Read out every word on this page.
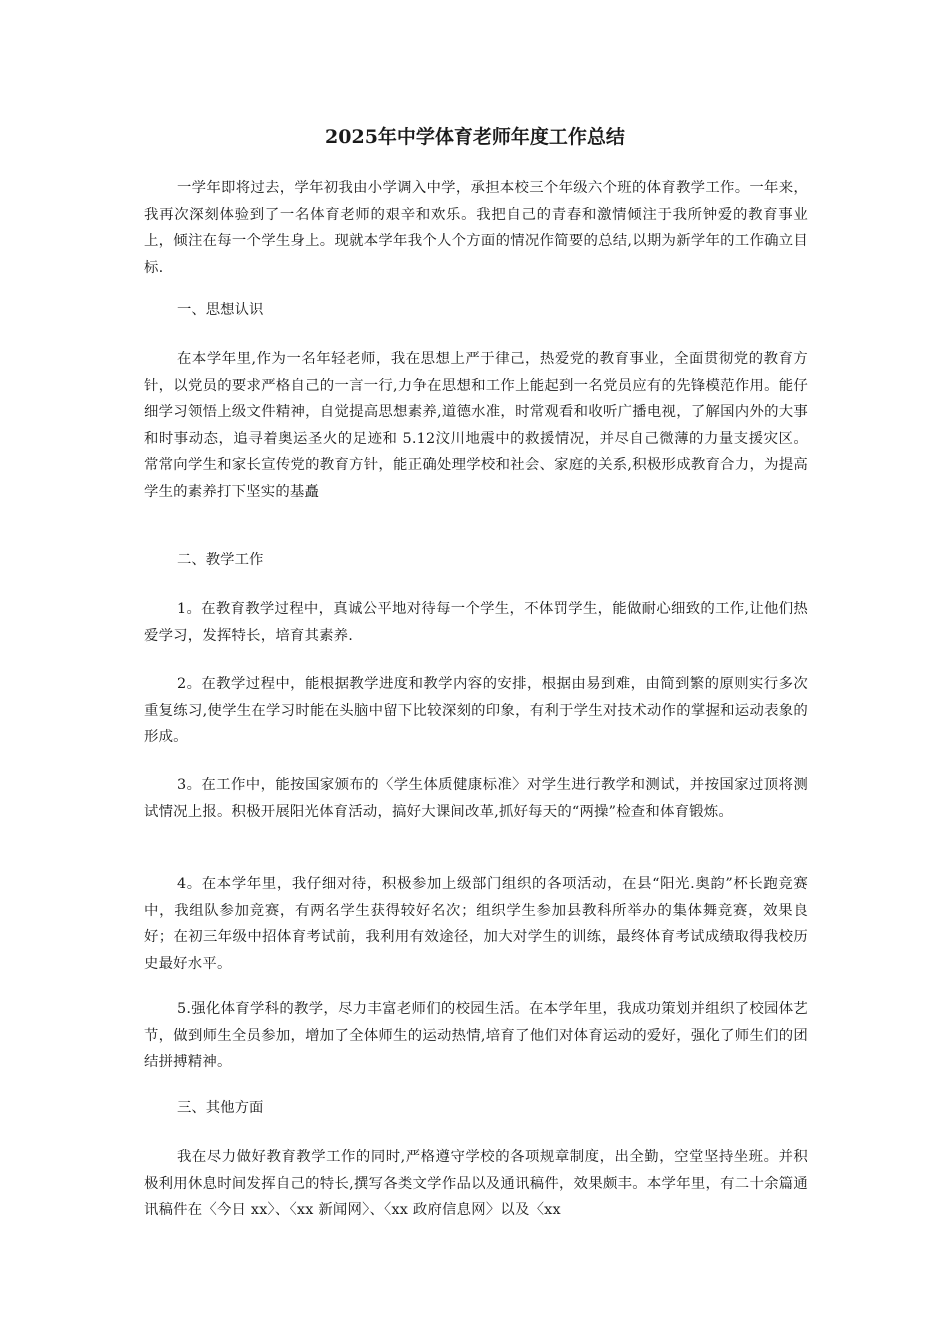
2025年中学体育老师年度工作总结

一学年即将过去，学年初我由小学调入中学，承担本校三个年级六个班的体育教学工作。一年来，我再次深刻体验到了一名体育老师的艰辛和欢乐。我把自己的青春和激情倾注于我所钟爱的教育事业上，倾注在每一个学生身上。现就本学年我个人个方面的情况作简要的总结,以期为新学年的工作确立目标.

一、思想认识

在本学年里,作为一名年轻老师，我在思想上严于律己，热爱党的教育事业，全面贯彻党的教育方针，以党员的要求严格自己的一言一行,力争在思想和工作上能起到一名党员应有的先锋模范作用。能仔细学习领悟上级文件精神，自觉提高思想素养,道德水准，时常观看和收听广播电视，了解国内外的大事和时事动态，追寻着奥运圣火的足迹和 5.12汶川地震中的救援情况，并尽自己微薄的力量支援灾区。常常向学生和家长宣传党的教育方针，能正确处理学校和社会、家庭的关系,积极形成教育合力，为提高学生的素养打下坚实的基矗

二、教学工作

1。在教育教学过程中，真诚公平地对待每一个学生，不体罚学生，能做耐心细致的工作,让他们热爱学习，发挥特长，培育其素养.

2。在教学过程中，能根据教学进度和教学内容的安排，根据由易到难，由简到繁的原则实行多次重复练习,使学生在学习时能在头脑中留下比较深刻的印象，有利于学生对技术动作的掌握和运动表象的形成。

3。在工作中，能按国家颁布的〈学生体质健康标准〉对学生进行教学和测试，并按国家过顶将测试情况上报。积极开展阳光体育活动，搞好大课间改革,抓好每天的“两操”检查和体育锻炼。

4。在本学年里，我仔细对待，积极参加上级部门组织的各项活动，在县“阳光.奥韵”杯长跑竞赛中，我组队参加竞赛，有两名学生获得较好名次；组织学生参加县教科所举办的集体舞竞赛，效果良好；在初三年级中招体育考试前，我利用有效途径，加大对学生的训练，最终体育考试成绩取得我校历史最好水平。

5.强化体育学科的教学，尽力丰富老师们的校园生活。在本学年里，我成功策划并组织了校园体艺节，做到师生全员参加，增加了全体师生的运动热情,培育了他们对体育运动的爱好，强化了师生们的团结拼搏精神。

三、其他方面

我在尽力做好教育教学工作的同时,严格遵守学校的各项规章制度，出全勤，空堂坚持坐班。并积极利用休息时间发挥自己的特长,撰写各类文学作品以及通讯稿件，效果颇丰。本学年里，有二十余篇通讯稿件在〈今日 xx〉、〈xx 新闻网〉、〈xx 政府信息网〉以及〈xx
